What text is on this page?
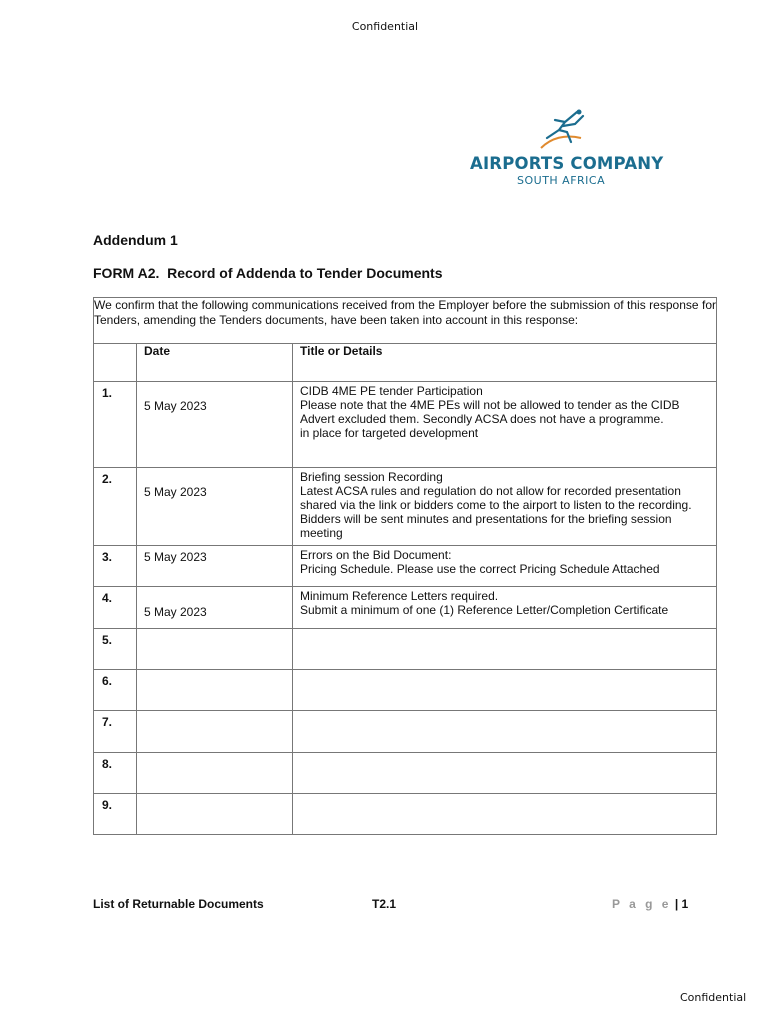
Confidential
AIRPORTS COMPANY
SOUTH AFRICA
Addendum 1
FORM A2.  Record of Addenda to Tender Documents
We confirm that the following communications received from the Employer before the submission of this response for Tenders, amending the Tenders documents, have been taken into account in this response:		
	Date	Title or Details
1.	5 May 2023	CIDB 4ME PE tender Participation
Please note that the 4ME PEs will not be allowed to tender as the CIDB
Advert excluded them. Secondly ACSA does not have a programme.
in place for targeted development

2.	5 May 2023	Briefing session Recording
Latest ACSA rules and regulation do not allow for recorded presentation
shared via the link or bidders come to the airport to listen to the recording.
Bidders will be sent minutes and presentations for the briefing session
meeting

3.	5 May 2023	Errors on the Bid Document:
Pricing Schedule. Please use the correct Pricing Schedule Attached

4.	5 May 2023	Minimum Reference Letters required.
Submit a minimum of one (1) Reference Letter/Completion Certificate

5.		
6.		
7.		
8.		
9.		
List of Returnable Documents	T2.1	P a g e | 1
Confidential
